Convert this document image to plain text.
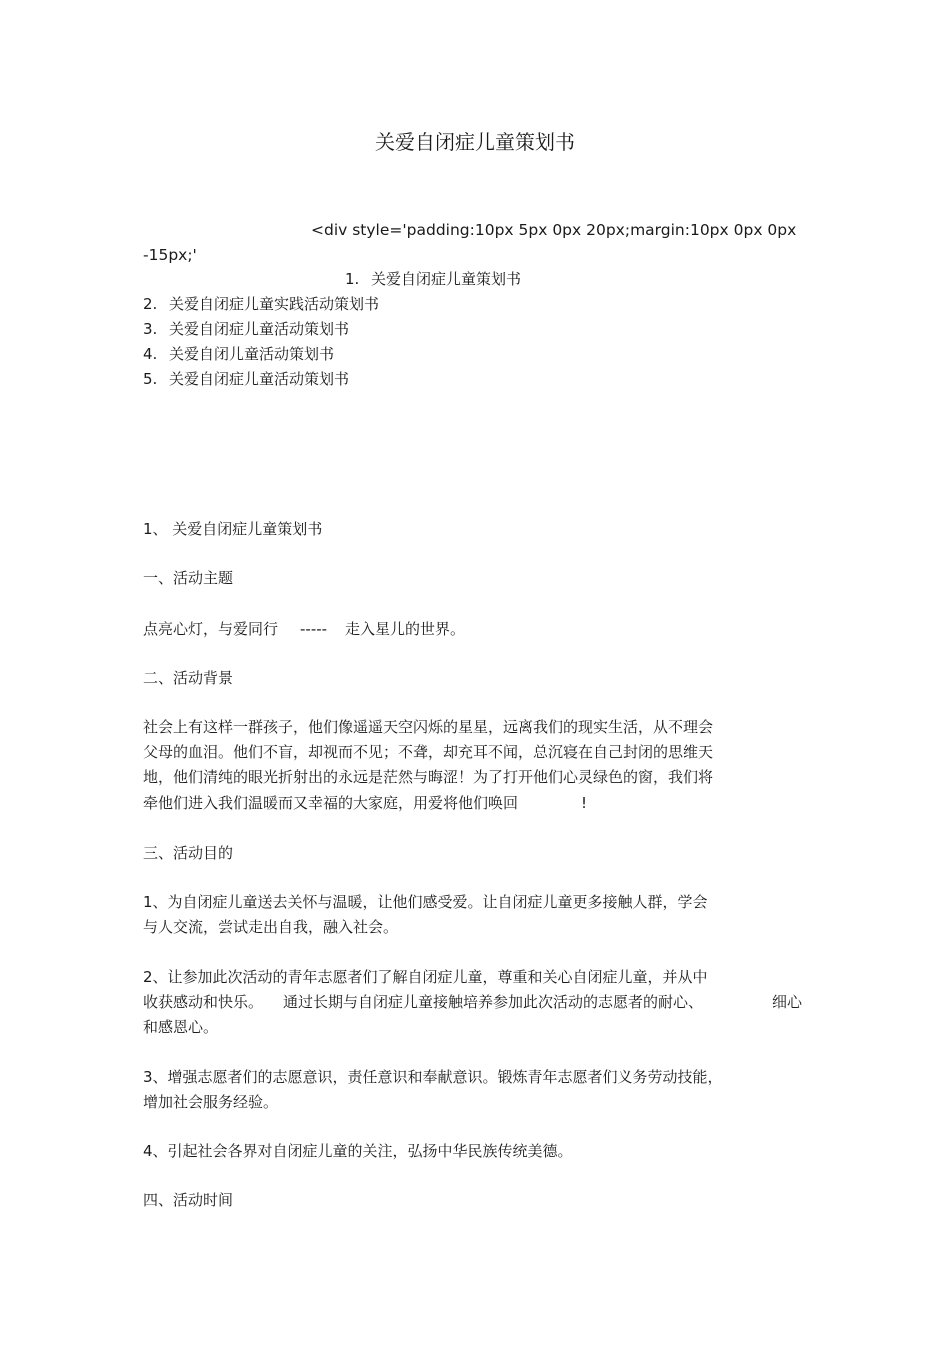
关爱自闭症儿童策划书
<div style='padding:10px 5px 0px 20px;margin:10px 0px 0px
-15px;'
1. 关爱自闭症儿童策划书
2. 关爱自闭症儿童实践活动策划书
3. 关爱自闭症儿童活动策划书
4. 关爱自闭儿童活动策划书
5. 关爱自闭症儿童活动策划书
1、 关爱自闭症儿童策划书
一、活动主题
点亮心灯，与爱同行 ----- 走入星儿的世界。
二、活动背景
社会上有这样一群孩子，他们像遥遥天空闪烁的星星，远离我们的现实生活，从不理会
父母的血泪。他们不盲，却视而不见；不聋，却充耳不闻，总沉寝在自己封闭的思维天
地，他们清纯的眼光折射出的永远是茫然与晦涩！为了打开他们心灵绿色的窗，我们将
牵他们进入我们温暖而又幸福的大家庭，用爱将他们唤回	!
三、活动目的
1、为自闭症儿童送去关怀与温暖，让他们感受爱。让自闭症儿童更多接触人群，学会
与人交流，尝试走出自我，融入社会。
2、让参加此次活动的青年志愿者们了解自闭症儿童，尊重和关心自闭症儿童，并从中
收获感动和快乐。 通过长期与自闭症儿童接触培养参加此次活动的志愿者的耐心、	细心
和感恩心。
3、增强志愿者们的志愿意识，责任意识和奉献意识。锻炼青年志愿者们义务劳动技能，
增加社会服务经验。
4、引起社会各界对自闭症儿童的关注，弘扬中华民族传统美德。
四、活动时间
